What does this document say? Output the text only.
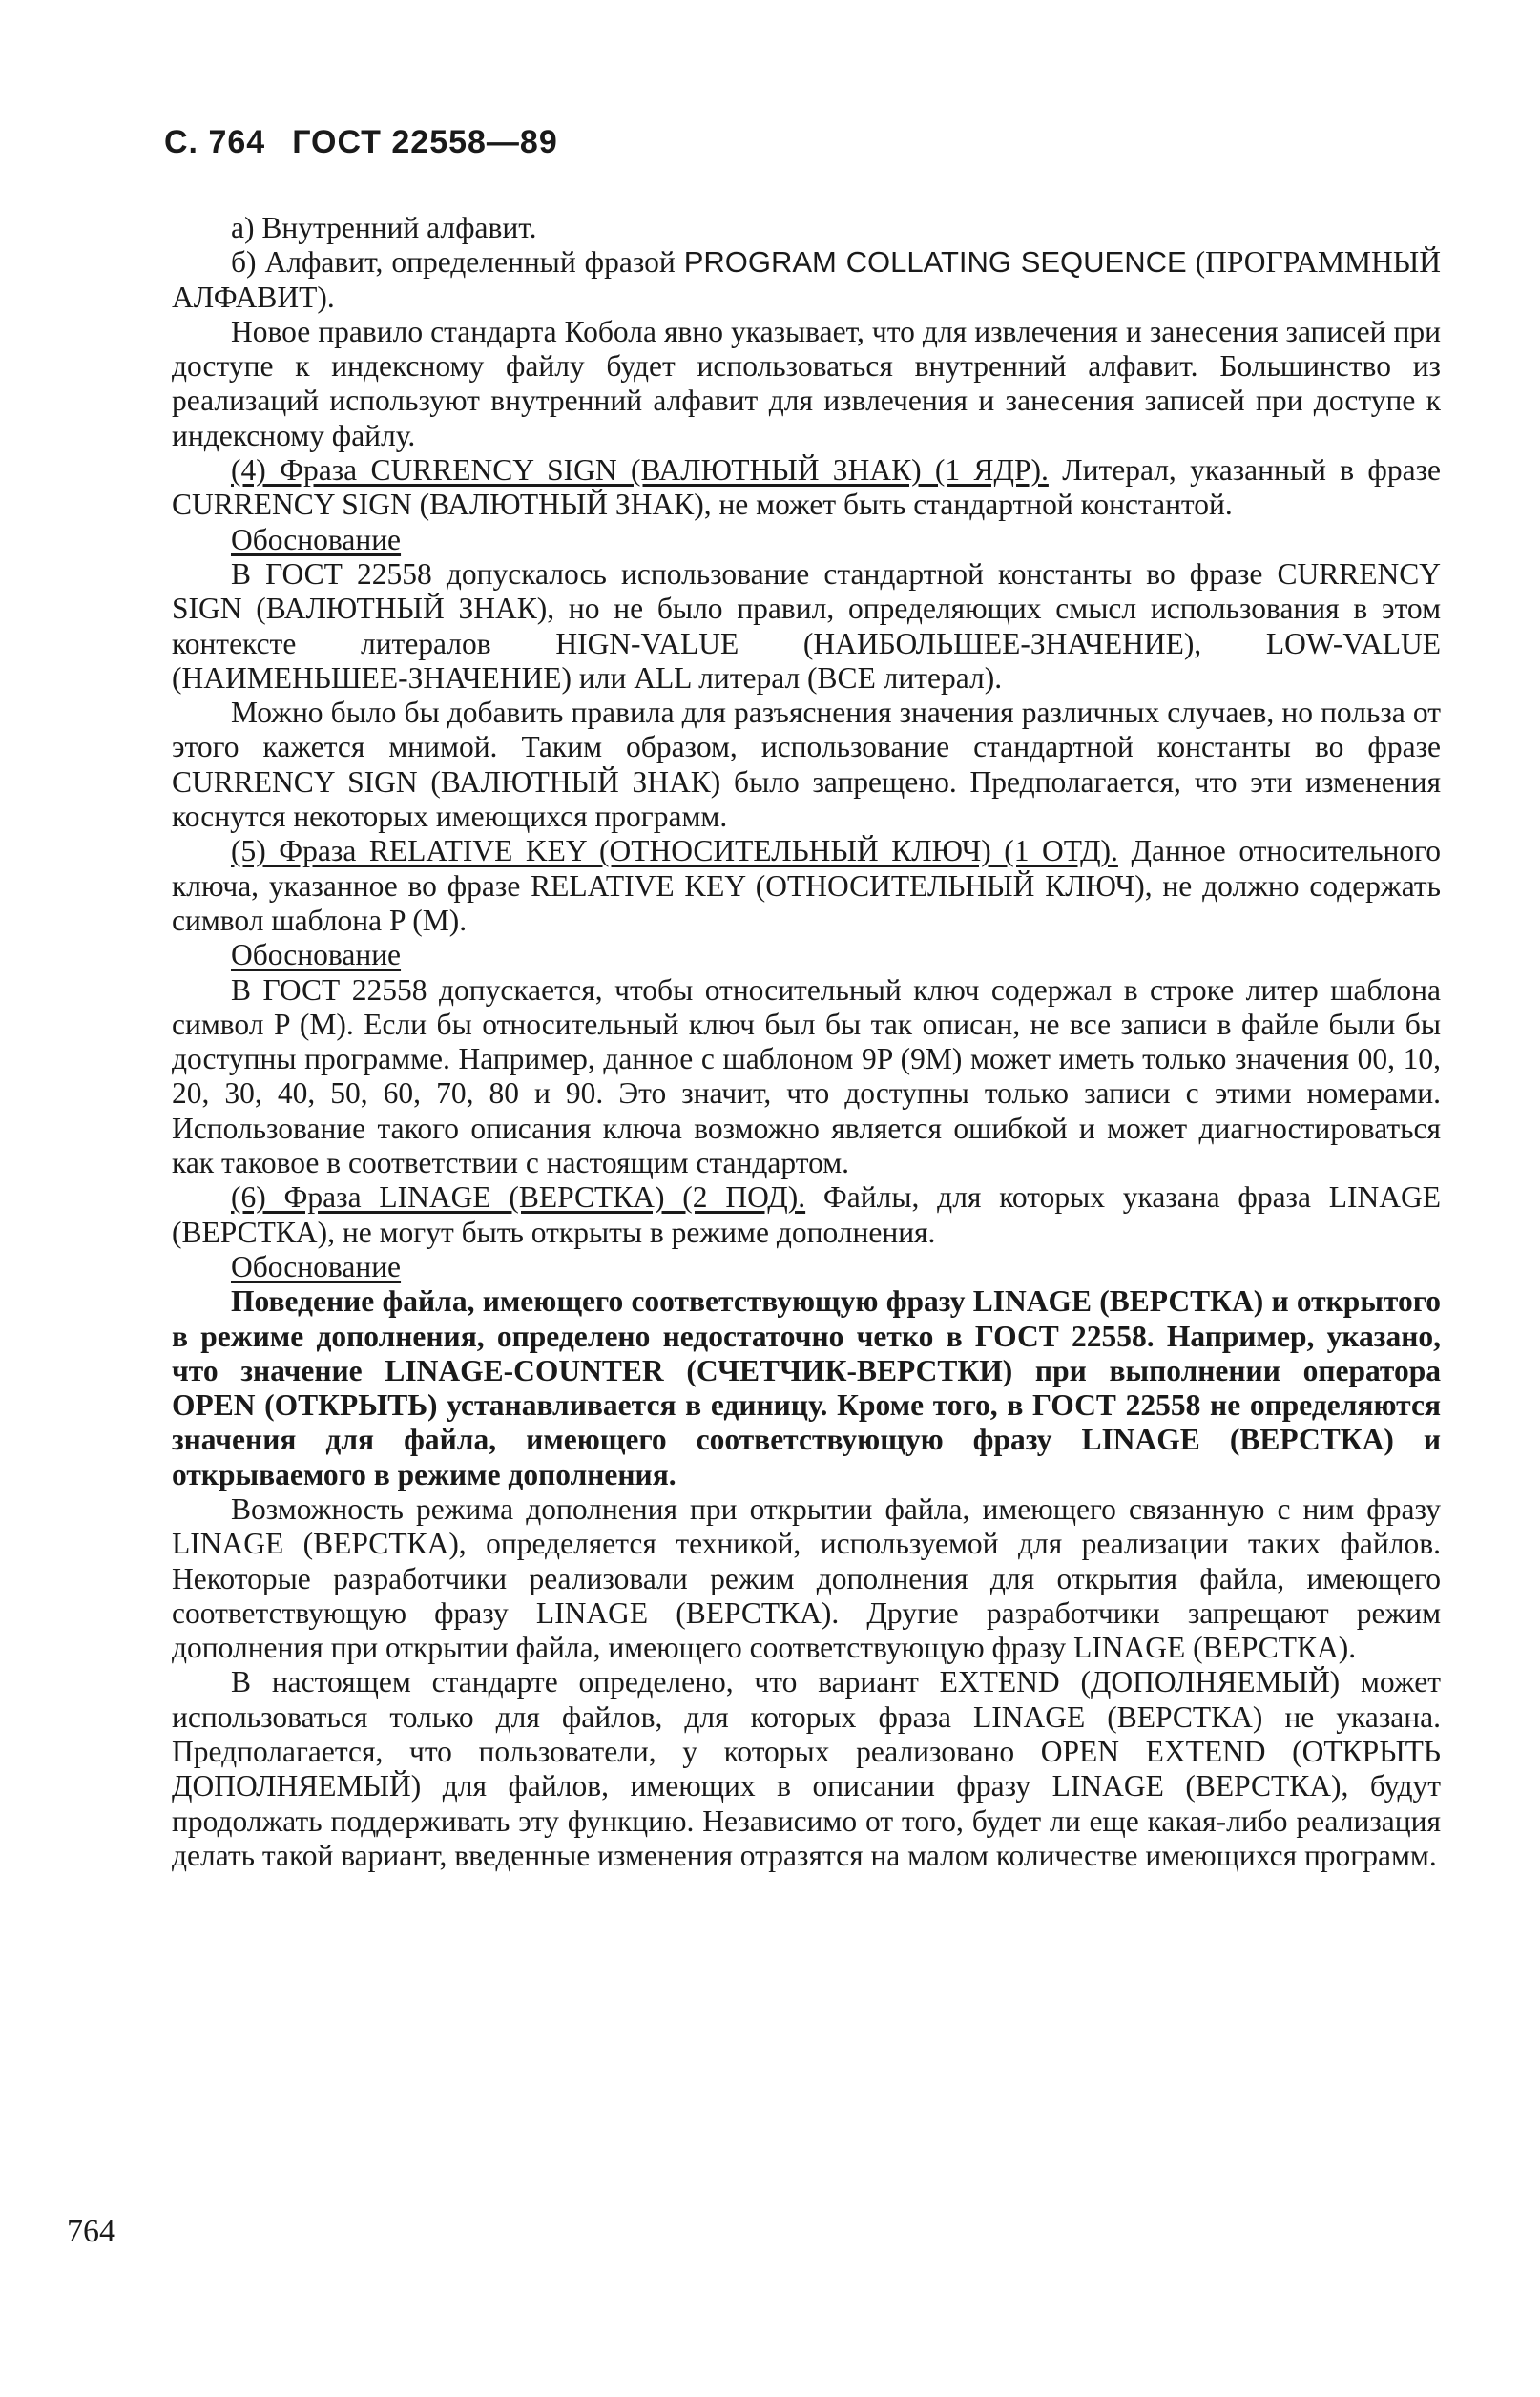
С. 764 ГОСТ 22558—89

а) Внутренний алфавит.

б) Алфавит, определенный фразой PROGRAM COLLATING SEQUENCE (ПРОГРАММНЫЙ АЛФАВИТ).

Новое правило стандарта Кобола явно указывает, что для извлечения и занесения записей при доступе к индексному файлу будет использоваться внутренний алфавит. Большинство из реализаций используют внутренний алфавит для извлечения и занесения записей при доступе к индексному файлу.

(4) Фраза CURRENCY SIGN (ВАЛЮТНЫЙ ЗНАК) (1 ЯДР). Литерал, указанный в фразе CURRENCY SIGN (ВАЛЮТНЫЙ ЗНАК), не может быть стандартной константой.

Обоснование

В ГОСТ 22558 допускалось использование стандартной константы во фразе CURRENCY SIGN (ВАЛЮТНЫЙ ЗНАК), но не было правил, определяющих смысл использования в этом контексте литералов HIGN-VALUE (НАИБОЛЬШЕЕ-ЗНАЧЕНИЕ), LOW-VALUE (НАИМЕНЬШЕЕ-ЗНАЧЕНИЕ) или ALL литерал (ВСЕ литерал).

Можно было бы добавить правила для разъяснения значения различных случаев, но польза от этого кажется мнимой. Таким образом, использование стандартной константы во фразе CURRENCY SIGN (ВАЛЮТНЫЙ ЗНАК) было запрещено. Предполагается, что эти изменения коснутся некоторых имеющихся программ.

(5) Фраза RELATIVE KEY (ОТНОСИТЕЛЬНЫЙ КЛЮЧ) (1 ОТД). Данное относительного ключа, указанное во фразе RELATIVE KEY (ОТНОСИТЕЛЬНЫЙ КЛЮЧ), не должно содержать символ шаблона P (M).

Обоснование

В ГОСТ 22558 допускается, чтобы относительный ключ содержал в строке литер шаблона символ P (M). Если бы относительный ключ был бы так описан, не все записи в файле были бы доступны программе. Например, данное с шаблоном 9P (9M) может иметь только значения 00, 10, 20, 30, 40, 50, 60, 70, 80 и 90. Это значит, что доступны только записи с этими номерами. Использование такого описания ключа возможно является ошибкой и может диагностироваться как таковое в соответствии с настоящим стандартом.

(6) Фраза LINAGE (ВЕРСТКА) (2 ПОД). Файлы, для которых указана фраза LINAGE (ВЕРСТКА), не могут быть открыты в режиме дополнения.

Обоснование

Поведение файла, имеющего соответствующую фразу LINAGE (ВЕРСТКА) и открытого в режиме дополнения, определено недостаточно четко в ГОСТ 22558. Например, указано, что значение LINAGE-COUNTER (СЧЕТЧИК-ВЕРСТКИ) при выполнении оператора OPEN (ОТКРЫТЬ) устанавливается в единицу. Кроме того, в ГОСТ 22558 не определяются значения для файла, имеющего соответствующую фразу LINAGE (ВЕРСТКА) и открываемого в режиме дополнения.

Возможность режима дополнения при открытии файла, имеющего связанную с ним фразу LINAGE (ВЕРСТКА), определяется техникой, используемой для реализации таких файлов. Некоторые разработчики реализовали режим дополнения для открытия файла, имеющего соответствующую фразу LINAGE (ВЕРСТКА). Другие разработчики запрещают режим дополнения при открытии файла, имеющего соответствующую фразу LINAGE (ВЕРСТКА).

В настоящем стандарте определено, что вариант EXTEND (ДОПОЛНЯЕМЫЙ) может использоваться только для файлов, для которых фраза LINAGE (ВЕРСТКА) не указана. Предполагается, что пользователи, у которых реализовано OPEN EXTEND (ОТКРЫТЬ ДОПОЛНЯЕМЫЙ) для файлов, имеющих в описании фразу LINAGE (ВЕРСТКА), будут продолжать поддерживать эту функцию. Независимо от того, будет ли еще какая-либо реализация делать такой вариант, введенные изменения отразятся на малом количестве имеющихся программ.

764
